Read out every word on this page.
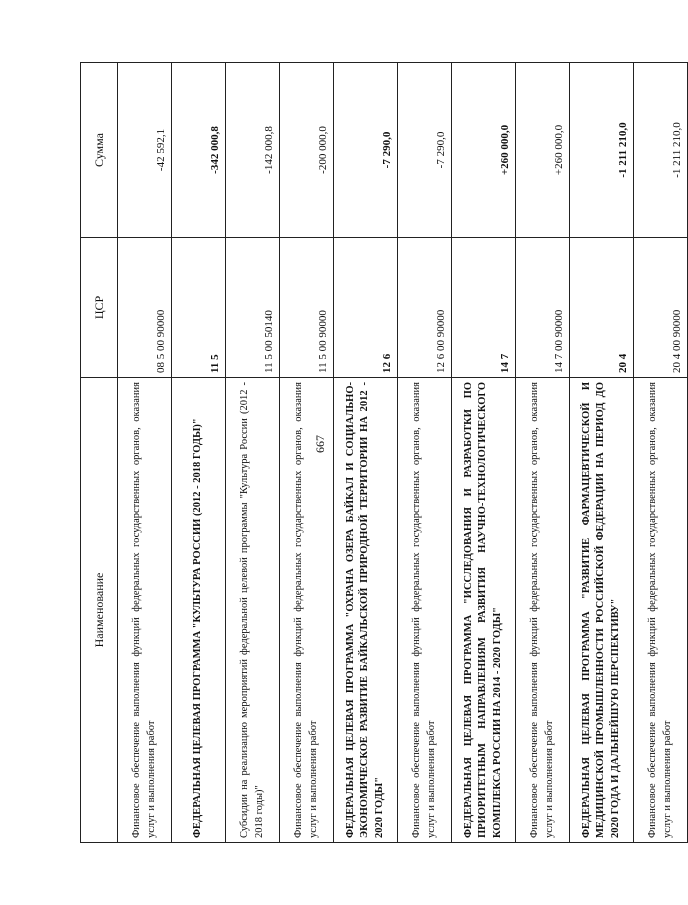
667
Наименование	ЦСР	Сумма
Финансовое обеспечение выполнения функций федеральных государственных органов, оказания услуг и выполнения работ	08 5 00 90000	-42 592,1
ФЕДЕРАЛЬНАЯ ЦЕЛЕВАЯ ПРОГРАММА "КУЛЬТУРА РОССИИ (2012 - 2018 ГОДЫ)"	11 5	-342 000,8
Субсидии на реализацию мероприятий федеральной целевой программы "Культура России (2012 - 2018 годы)"	11 5 00 50140	-142 000,8
Финансовое обеспечение выполнения функций федеральных государственных органов, оказания услуг и выполнения работ	11 5 00 90000	-200 000,0
ФЕДЕРАЛЬНАЯ ЦЕЛЕВАЯ ПРОГРАММА "ОХРАНА ОЗЕРА БАЙКАЛ И СОЦИАЛЬНО-ЭКОНОМИЧЕСКОЕ РАЗВИТИЕ БАЙКАЛЬСКОЙ ПРИРОДНОЙ ТЕРРИТОРИИ НА 2012 - 2020 ГОДЫ"	12 6	-7 290,0
Финансовое обеспечение выполнения функций федеральных государственных органов, оказания услуг и выполнения работ	12 6 00 90000	-7 290,0
ФЕДЕРАЛЬНАЯ ЦЕЛЕВАЯ ПРОГРАММА "ИССЛЕДОВАНИЯ И РАЗРАБОТКИ ПО ПРИОРИТЕТНЫМ НАПРАВЛЕНИЯМ РАЗВИТИЯ НАУЧНО-ТЕХНОЛОГИЧЕСКОГО КОМПЛЕКСА РОССИИ НА 2014 - 2020 ГОДЫ"	14 7	+260 000,0
Финансовое обеспечение выполнения функций федеральных государственных органов, оказания услуг и выполнения работ	14 7 00 90000	+260 000,0
ФЕДЕРАЛЬНАЯ ЦЕЛЕВАЯ ПРОГРАММА "РАЗВИТИЕ ФАРМАЦЕВТИЧЕСКОЙ И МЕДИЦИНСКОЙ ПРОМЫШЛЕННОСТИ РОССИЙСКОЙ ФЕДЕРАЦИИ НА ПЕРИОД ДО 2020 ГОДА И ДАЛЬНЕЙШУЮ ПЕРСПЕКТИВУ"	20 4	-1 211 210,0
Финансовое обеспечение выполнения функций федеральных государственных органов, оказания услуг и выполнения работ	20 4 00 90000	-1 211 210,0
